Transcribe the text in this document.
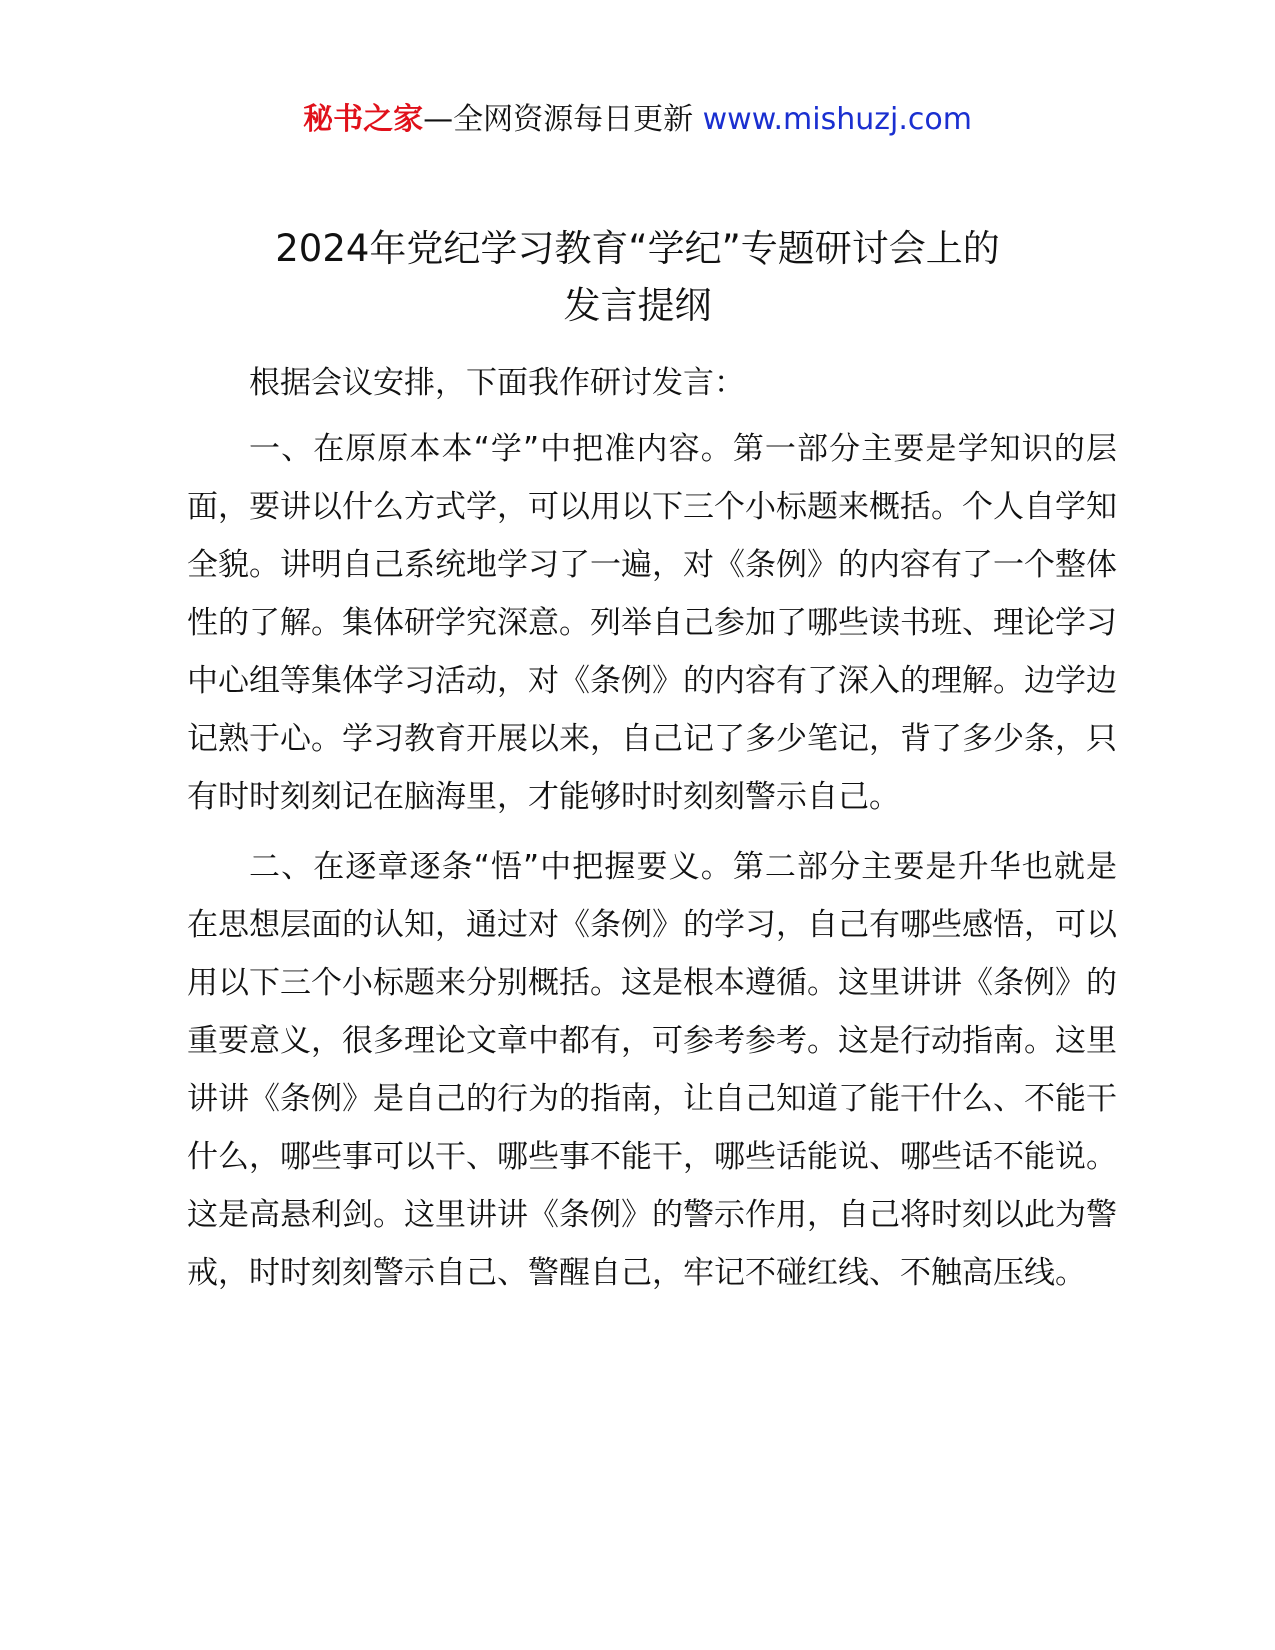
秘书之家—全网资源每日更新 www.mishuzj.com
2024年党纪学习教育“学纪”专题研讨会上的
发言提纲

根据会议安排，下面我作研讨发言：

一、在原原本本“学”中把准内容。第一部分主要是学知识的层面，要讲以什么方式学，可以用以下三个小标题来概括。个人自学知全貌。讲明自己系统地学习了一遍，对《条例》的内容有了一个整体性的了解。集体研学究深意。列举自己参加了哪些读书班、理论学习中心组等集体学习活动，对《条例》的内容有了深入的理解。边学边记熟于心。学习教育开展以来，自己记了多少笔记，背了多少条，只有时时刻刻记在脑海里，才能够时时刻刻警示自己。

二、在逐章逐条“悟”中把握要义。第二部分主要是升华也就是在思想层面的认知，通过对《条例》的学习，自己有哪些感悟，可以用以下三个小标题来分别概括。这是根本遵循。这里讲讲《条例》的重要意义，很多理论文章中都有，可参考参考。这是行动指南。这里讲讲《条例》是自己的行为的指南，让自己知道了能干什么、不能干什么，哪些事可以干、哪些事不能干，哪些话能说、哪些话不能说。这是高悬利剑。这里讲讲《条例》的警示作用，自己将时刻以此为警戒，时时刻刻警示自己、警醒自己，牢记不碰红线、不触高压线。
